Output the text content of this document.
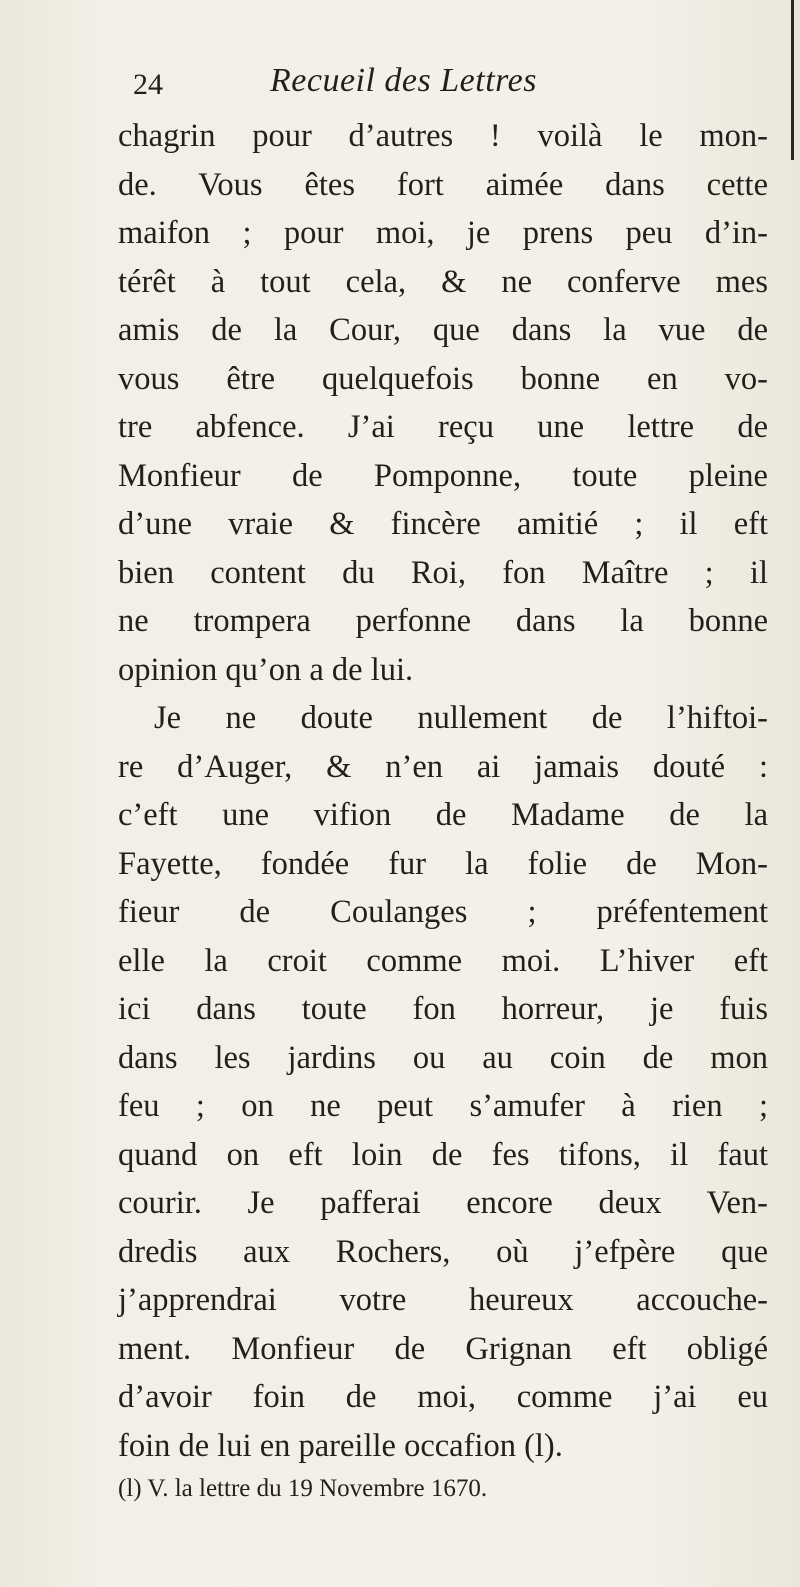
24	Recueil des Lettres
chagrin pour d’autres ! voilà le mon-
de. Vous êtes fort aimée dans cette
maifon ; pour moi, je prens peu d’in-
térêt à tout cela, & ne conferve mes
amis de la Cour, que dans la vue de
vous être quelquefois bonne en vo-
tre abfence. J’ai reçu une lettre de
Monfieur de Pomponne, toute pleine
d’une vraie & fincère amitié ; il eft
bien content du Roi, fon Maître ; il
ne trompera perfonne dans la bonne
opinion qu’on a de lui.
Je ne doute nullement de l’hiftoi-
re d’Auger, & n’en ai jamais douté :
c’eft une vifion de Madame de la
Fayette, fondée fur la folie de Mon-
fieur de Coulanges ; préfentement
elle la croit comme moi. L’hiver eft
ici dans toute fon horreur, je fuis
dans les jardins ou au coin de mon
feu ; on ne peut s’amufer à rien ;
quand on eft loin de fes tifons, il faut
courir. Je pafferai encore deux Ven-
dredis aux Rochers, où j’efpère que
j’apprendrai votre heureux accouche-
ment. Monfieur de Grignan eft obligé
d’avoir foin de moi, comme j’ai eu
foin de lui en pareille occafion (l).
(l) V. la lettre du 19 Novembre 1670.
